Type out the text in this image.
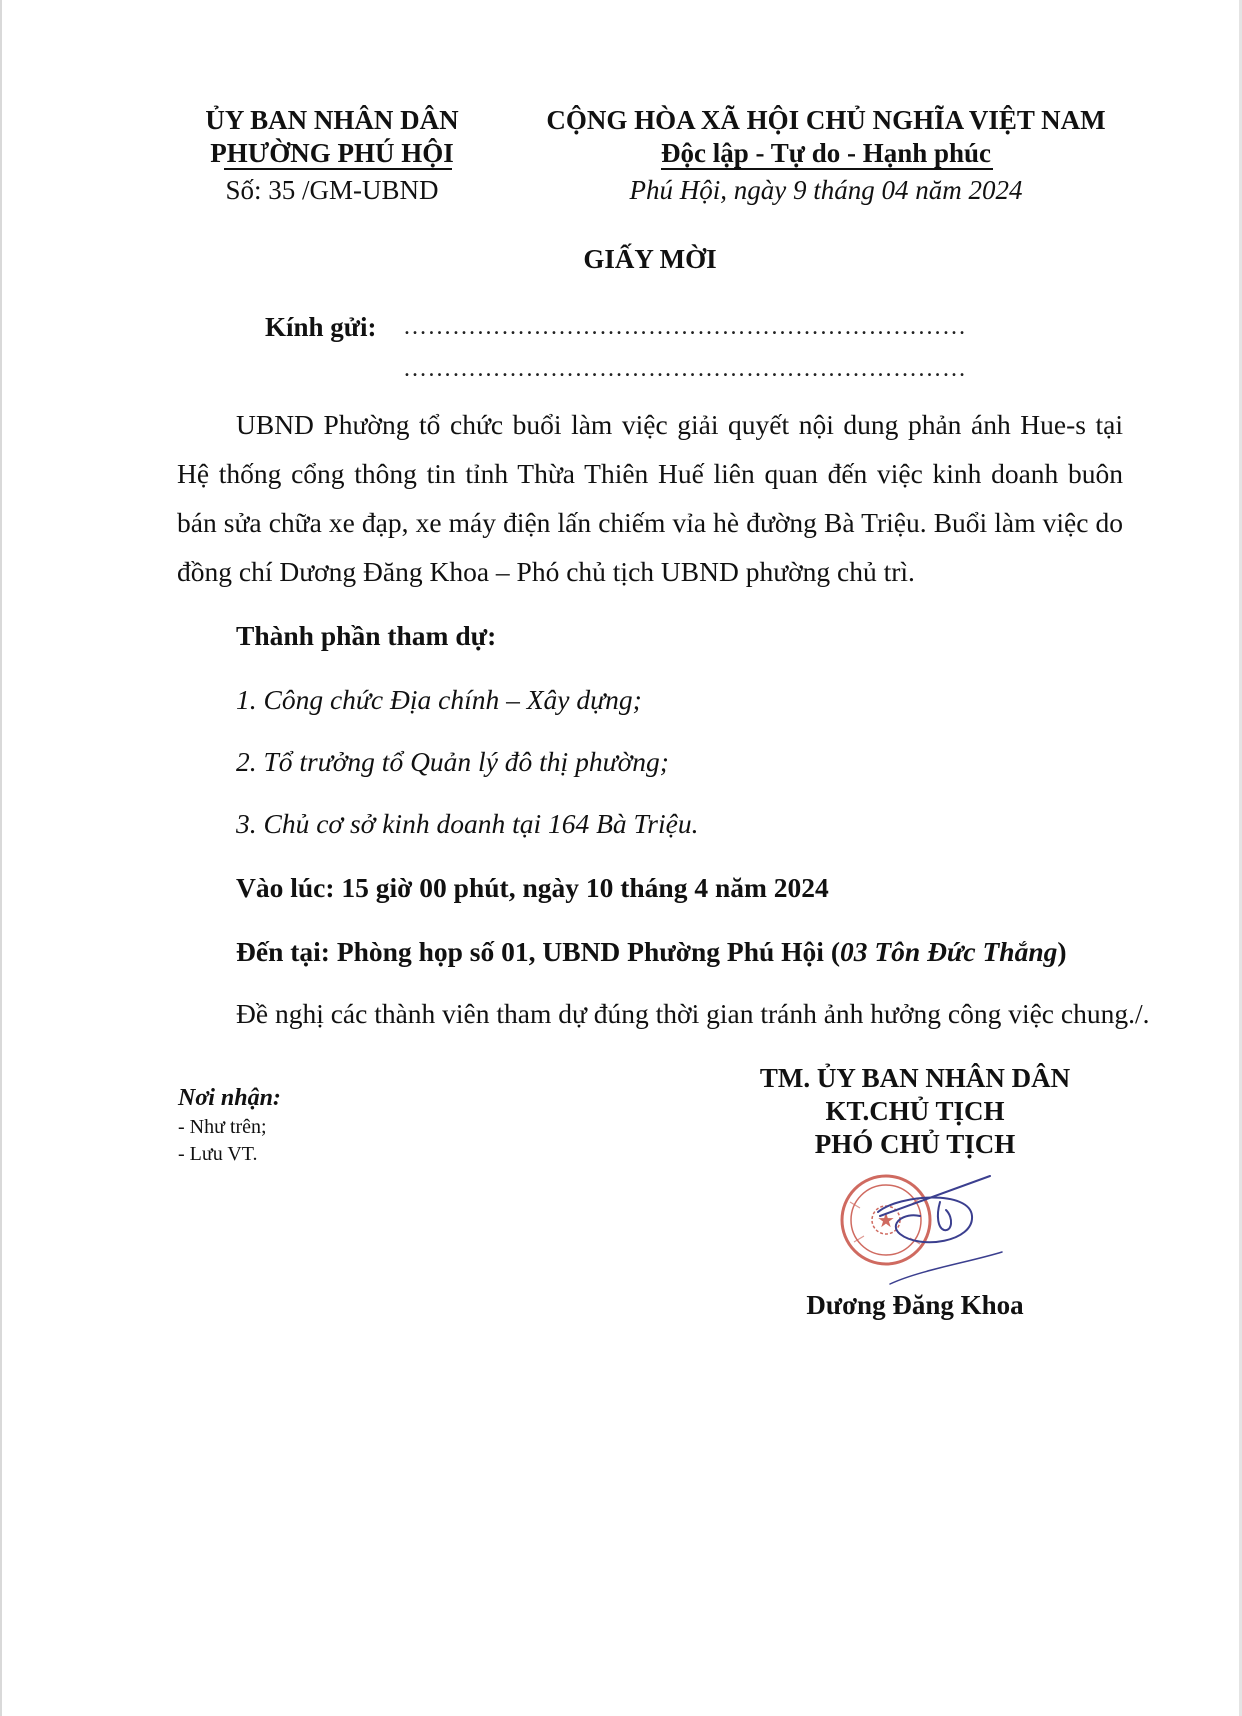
ỦY BAN NHÂN DÂN
PHƯỜNG PHÚ HỘI
Số: 35 /GM-UBND
CỘNG HÒA XÃ HỘI CHỦ NGHĨA VIỆT NAM
Độc lập - Tự do - Hạnh phúc
Phú Hội, ngày 9 tháng 04 năm 2024
GIẤY MỜI
Kính gửi: ……………………………………………………………
……………………………………………………………
UBND Phường tổ chức buổi làm việc giải quyết nội dung phản ánh Hue-s tại Hệ thống cổng thông tin tỉnh Thừa Thiên Huế liên quan đến việc kinh doanh buôn bán sửa chữa xe đạp, xe máy điện lấn chiếm vỉa hè đường Bà Triệu. Buổi làm việc do đồng chí Dương Đăng Khoa – Phó chủ tịch UBND phường chủ trì.
Thành phần tham dự:
1. Công chức Địa chính – Xây dựng;
2. Tổ trưởng tổ Quản lý đô thị phường;
3. Chủ cơ sở kinh doanh tại 164 Bà Triệu.
Vào lúc: 15 giờ 00 phút, ngày 10 tháng 4 năm 2024
Đến tại: Phòng họp số 01, UBND Phường Phú Hội (03 Tôn Đức Thắng)
Đề nghị các thành viên tham dự đúng thời gian tránh ảnh hưởng công việc chung./.
Nơi nhận:
- Như trên;
- Lưu VT.
TM. ỦY BAN NHÂN DÂN
KT.CHỦ TỊCH
PHÓ CHỦ TỊCH
★
Dương Đăng Khoa
